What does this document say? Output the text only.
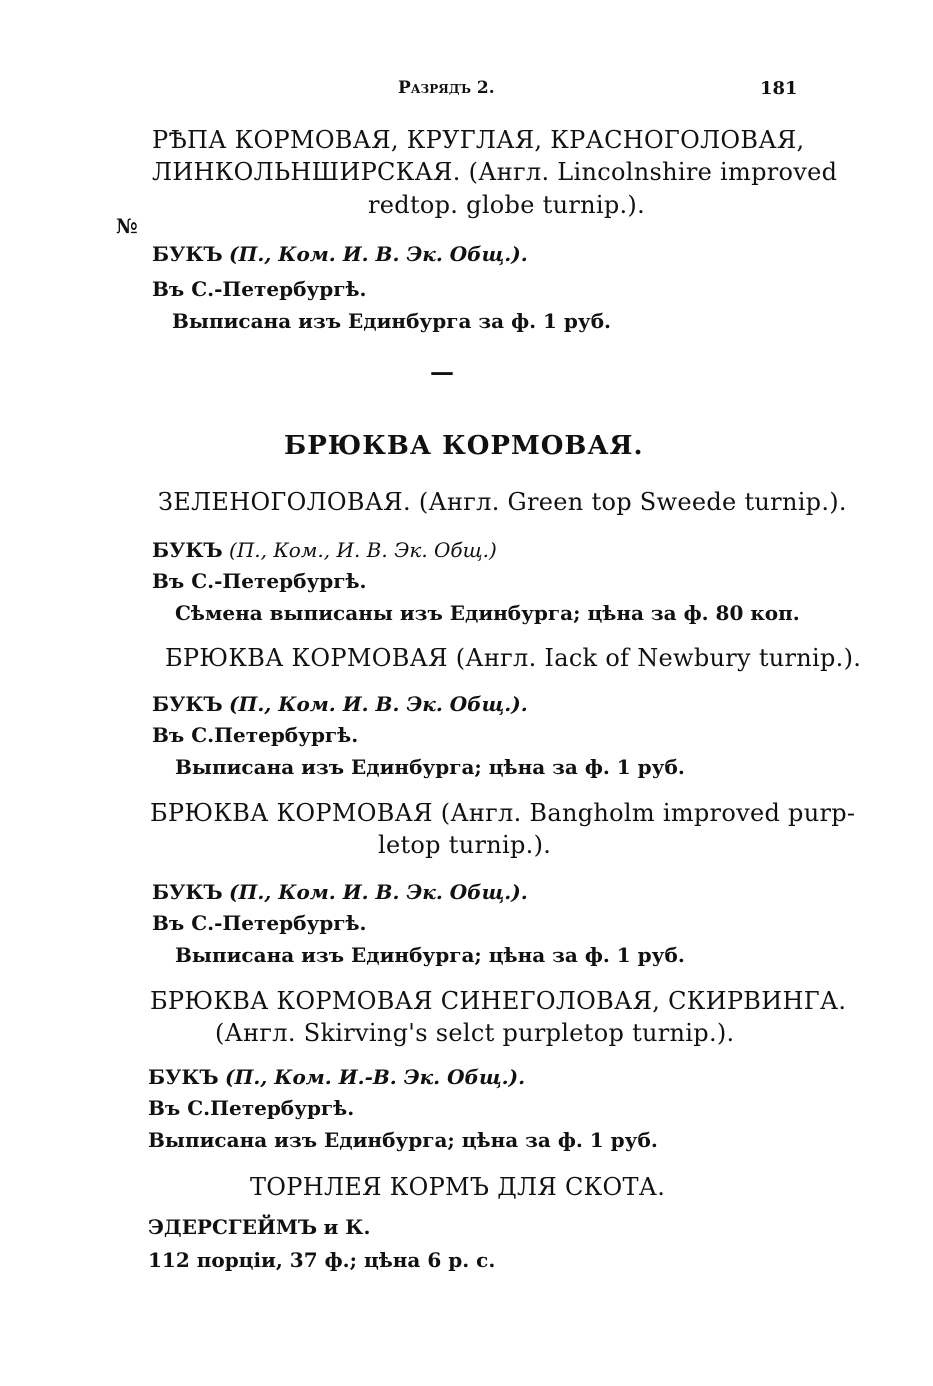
Разрядъ 2.	181
№
РѢПА КОРМОВАЯ, КРУГЛАЯ, КРАСНОГОЛОВАЯ,
ЛИНКОЛЬНШИРСКАЯ. (Англ. Lincolnshire improved
redtop. globe turnip.).
БУКЪ (П., Ком. И. В. Эк. Общ.).
Въ С.-Петербургѣ.
Выписана изъ Единбурга за ф. 1 руб.
—
БРЮКВА КОРМОВАЯ.
ЗЕЛЕНОГОЛОВАЯ. (Англ. Green top Sweede turnip.).
БУКЪ (П., Ком., И. В. Эк. Общ.)
Въ С.-Петербургѣ.
Сѣмена выписаны изъ Единбурга; цѣна за ф. 80 коп.
БРЮКВА КОРМОВАЯ (Англ. Iack of Newbury turnip.).
БУКЪ (П., Ком. И. В. Эк. Общ.).
Въ С.Петербургѣ.
Выписана изъ Единбурга; цѣна за ф. 1 руб.
БРЮКВА КОРМОВАЯ (Англ. Bangholm improved purp-
letop turnip.).
БУКЪ (П., Ком. И. В. Эк. Общ.).
Въ С.-Петербургѣ.
Выписана изъ Единбурга; цѣна за ф. 1 руб.
БРЮКВА КОРМОВАЯ СИНЕГОЛОВАЯ, СКИРВИНГА.
(Англ. Skirving's selct purpletop turnip.).
БУКЪ (П., Ком. И.-В. Эк. Общ.).
Въ С.Петербургѣ.
Выписана изъ Единбурга; цѣна за ф. 1 руб.
ТОРНЛЕЯ КОРМЪ ДЛЯ СКОТА.
ЭДЕРСГЕЙМЪ и К.
112 порціи, 37 ф.; цѣна 6 р. с.
